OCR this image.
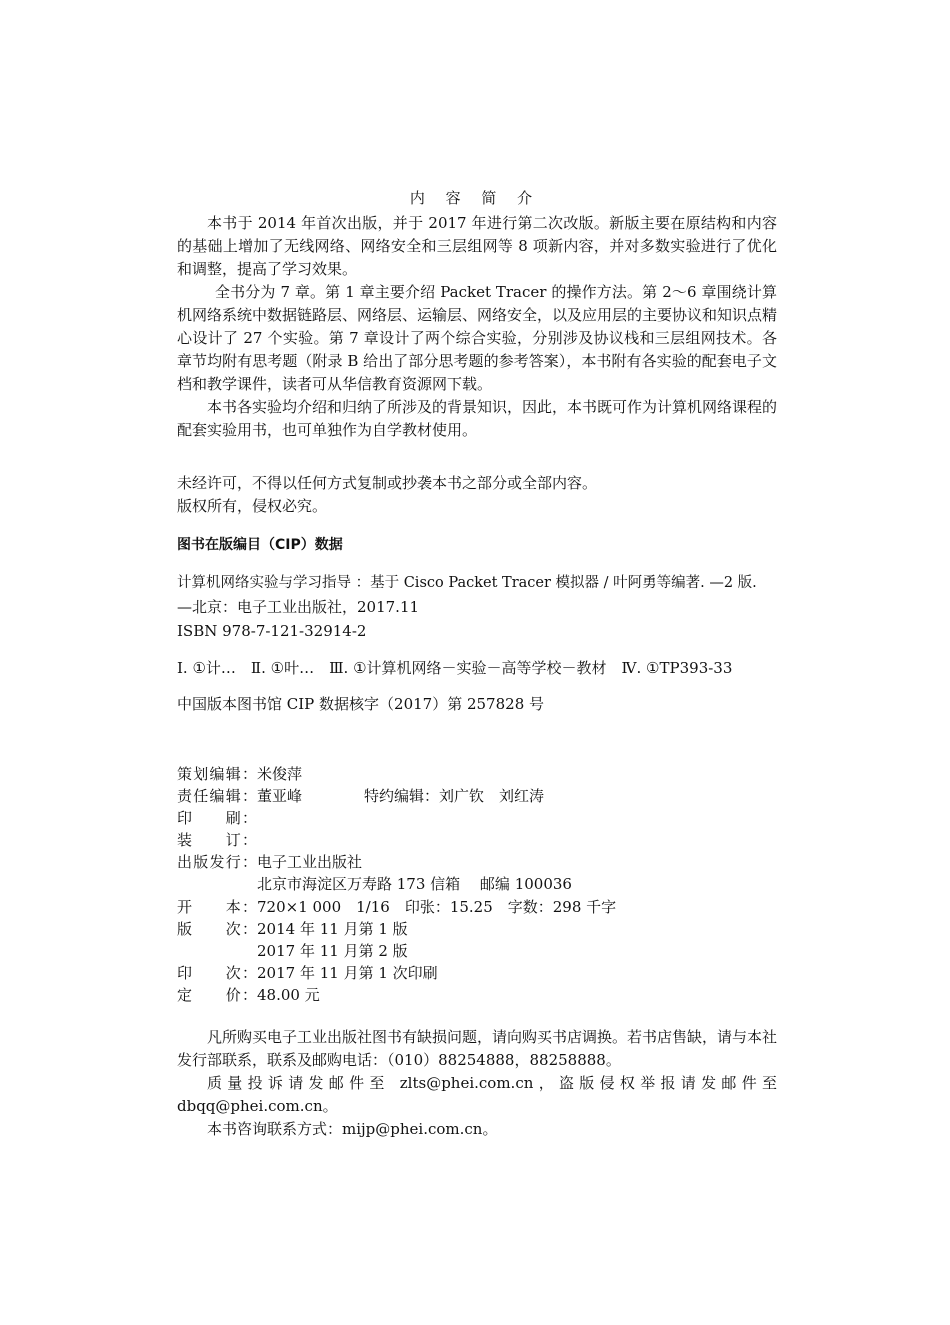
内 容 简 介

本书于 2014 年首次出版，并于 2017 年进行第二次改版。新版主要在原结构和内容的基础上增加了无线网络、网络安全和三层组网等 8 项新内容，并对多数实验进行了优化和调整，提高了学习效果。

全书分为 7 章。第 1 章主要介绍 Packet Tracer 的操作方法。第 2～6 章围绕计算机网络系统中数据链路层、网络层、运输层、网络安全，以及应用层的主要协议和知识点精心设计了 27 个实验。第 7 章设计了两个综合实验，分别涉及协议栈和三层组网技术。各章节均附有思考题（附录 B 给出了部分思考题的参考答案），本书附有各实验的配套电子文档和教学课件，读者可从华信教育资源网下载。

本书各实验均介绍和归纳了所涉及的背景知识，因此，本书既可作为计算机网络课程的配套实验用书，也可单独作为自学教材使用。

未经许可，不得以任何方式复制或抄袭本书之部分或全部内容。

版权所有，侵权必究。

图书在版编目（CIP）数据
计算机网络实验与学习指导 ：基于 Cisco Packet Tracer 模拟器 / 叶阿勇等编著. —2 版.
—北京：电子工业出版社，2017.11
ISBN 978-7-121-32914-2
Ⅰ. ①计…　Ⅱ. ①叶…　Ⅲ. ①计算机网络－实验－高等学校－教材　Ⅳ. ①TP393-33
中国版本图书馆 CIP 数据核字（2017）第 257828 号
策划编辑：米俊萍
责任编辑：董亚峰	特约编辑：刘广钦　刘红涛
印　　刷：
装　　订：
出版发行：电子工业出版社
北京市海淀区万寿路 173 信箱　 邮编 100036
开　　本：720×1 000　1/16　印张：15.25　字数：298 千字
版　　次：2014 年 11 月第 1 版
2017 年 11 月第 2 版
印　　次：2017 年 11 月第 1 次印刷
定　　价：48.00 元

凡所购买电子工业出版社图书有缺损问题，请向购买书店调换。若书店售缺，请与本社发行部联系，联系及邮购电话：（010）88254888，88258888。

质量投诉请发邮件至 zlts@phei.com.cn，盗版侵权举报请发邮件至 dbqq@phei.com.cn。

本书咨询联系方式：mijp@phei.com.cn。
